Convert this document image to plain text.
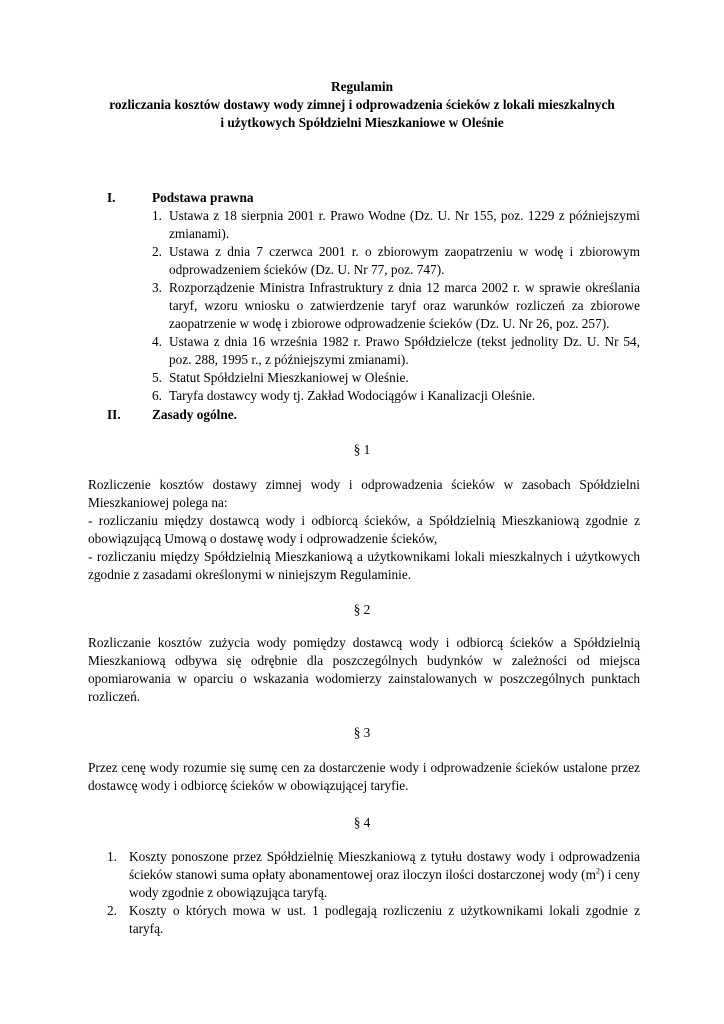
Regulamin
rozliczania kosztów dostawy wody zimnej i odprowadzenia ścieków z lokali mieszkalnych
i użytkowych Spółdzielni Mieszkaniowe w Oleśnie
I.	Podstawa prawna
1. Ustawa z 18 sierpnia 2001 r. Prawo Wodne (Dz. U. Nr 155, poz. 1229 z późniejszymi zmianami).
2. Ustawa z dnia 7 czerwca 2001 r. o zbiorowym zaopatrzeniu w wodę i zbiorowym odprowadzeniem ścieków (Dz. U. Nr 77, poz. 747).
3. Rozporządzenie Ministra Infrastruktury z dnia 12 marca 2002 r. w sprawie określania taryf, wzoru wniosku o zatwierdzenie taryf oraz warunków rozliczeń za zbiorowe zaopatrzenie w wodę i zbiorowe odprowadzenie ścieków (Dz. U. Nr 26, poz. 257).
4. Ustawa z dnia 16 września 1982 r. Prawo Spółdzielcze (tekst jednolity Dz. U. Nr 54, poz. 288, 1995 r., z późniejszymi zmianami).
5. Statut Spółdzielni Mieszkaniowej w Oleśnie.
6. Taryfa dostawcy wody tj. Zakład Wodociągów i Kanalizacji Oleśnie.
II. Zasady ogólne.
§ 1
Rozliczenie kosztów dostawy zimnej wody i odprowadzenia ścieków w zasobach Spółdzielni Mieszkaniowej polega na:
- rozliczaniu między dostawcą wody i odbiorcą ścieków, a Spółdzielnią Mieszkaniową zgodnie z obowiązującą Umową o dostawę wody i odprowadzenie ścieków,
- rozliczaniu między Spółdzielnią Mieszkaniową a użytkownikami lokali mieszkalnych i użytkowych zgodnie z zasadami określonymi w niniejszym Regulaminie.
§ 2
Rozliczanie kosztów zużycia wody pomiędzy dostawcą wody i odbiorcą ścieków a Spółdzielnią Mieszkaniową odbywa się odrębnie dla poszczególnych budynków w zależności od miejsca opomiarowania w oparciu o wskazania wodomierzy zainstalowanych w poszczególnych punktach rozliczeń.
§ 3
Przez cenę wody rozumie się sumę cen za dostarczenie wody i odprowadzenie ścieków ustalone przez dostawcę wody i odbiorcę ścieków w obowiązującej taryfie.
§ 4
1. Koszty ponoszone przez Spółdzielnię Mieszkaniową z tytułu dostawy wody i odprowadzenia ścieków stanowi suma opłaty abonamentowej oraz iloczyn ilości dostarczonej wody $(m^2)$ i ceny wody zgodnie z obowiązująca taryfą.
2. Koszty o których mowa w ust. 1 podlegają rozliczeniu z użytkownikami lokali zgodnie z taryfą.
